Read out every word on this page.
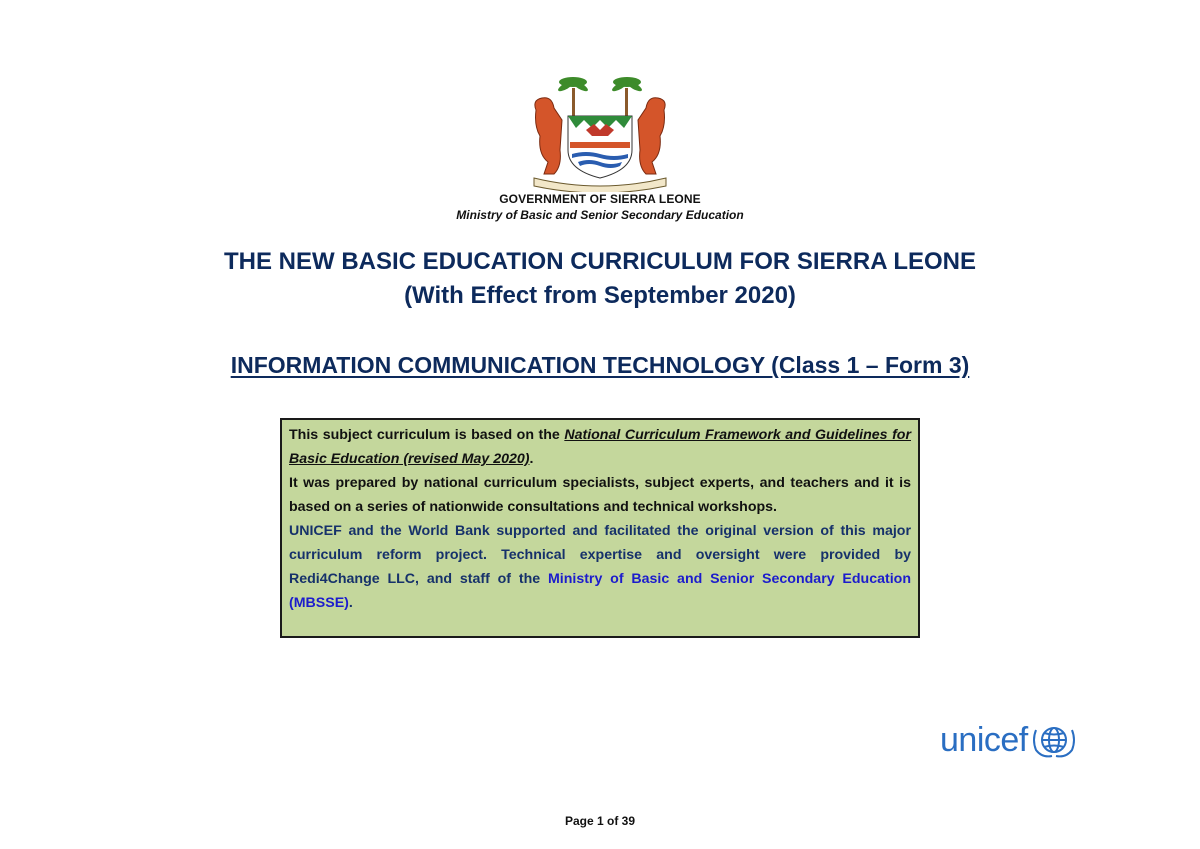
GOVERNMENT OF SIERRA LEONE
Ministry of Basic and Senior Secondary Education
THE NEW BASIC EDUCATION CURRICULUM FOR SIERRA LEONE
(With Effect from September 2020)
INFORMATION COMMUNICATION TECHNOLOGY (Class 1 – Form 3)

This subject curriculum is based on the National Curriculum Framework and Guidelines for Basic Education (revised May 2020).

It was prepared by national curriculum specialists, subject experts, and teachers and it is based on a series of nationwide consultations and technical workshops.

UNICEF and the World Bank supported and facilitated the original version of this major curriculum reform project. Technical expertise and oversight were provided by Redi4Change LLC, and staff of the Ministry of Basic and Senior Secondary Education (MBSSE).

unicef
Page 1 of 39
